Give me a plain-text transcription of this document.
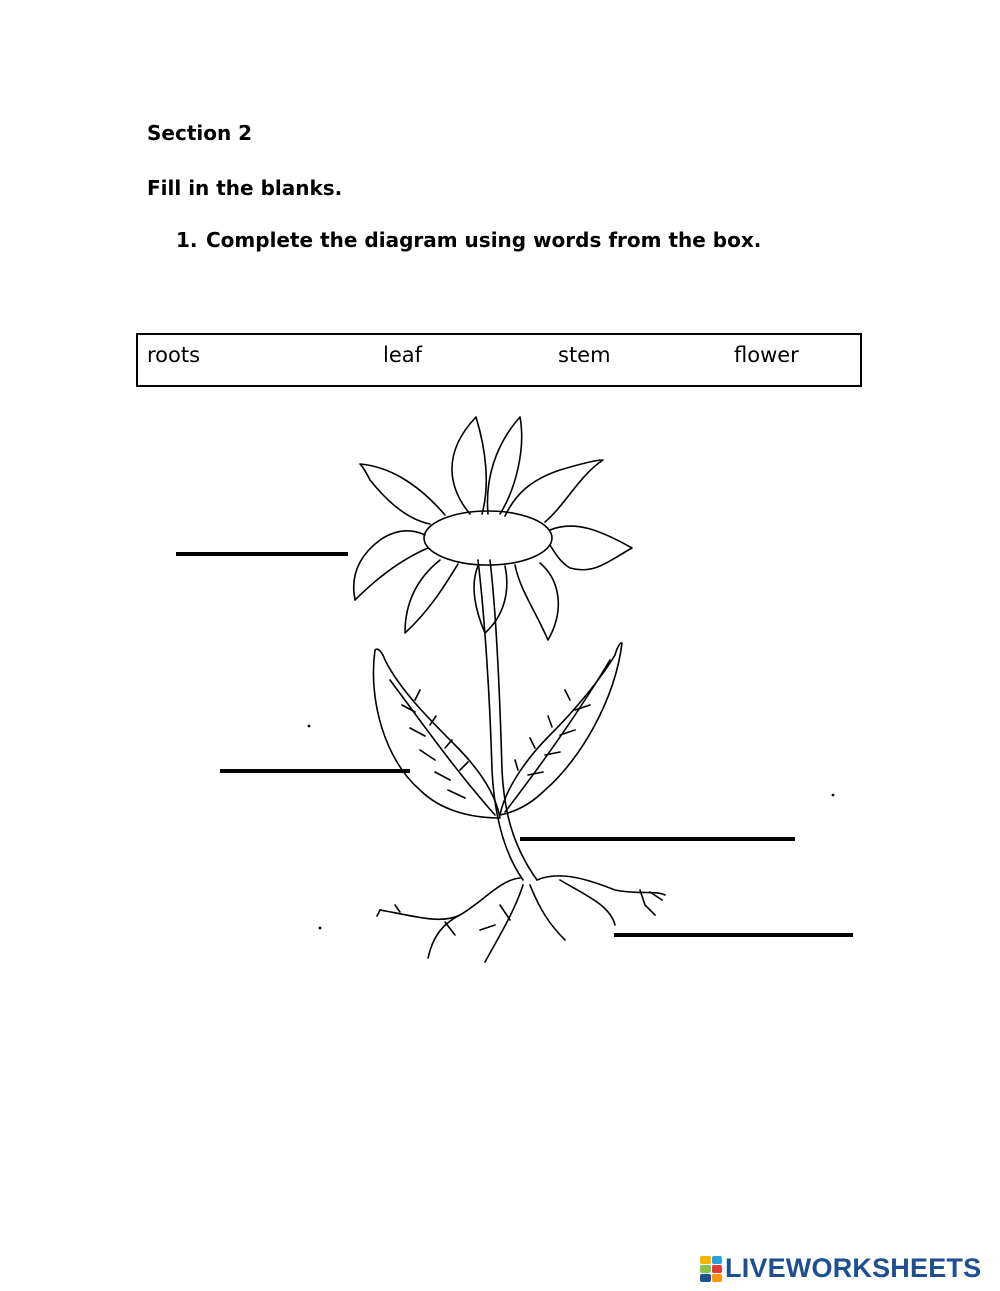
Section 2
Fill in the blanks.
1. Complete the diagram using words from the box.
roots	leaf	stem	flower
LIVEWORKSHEETS
